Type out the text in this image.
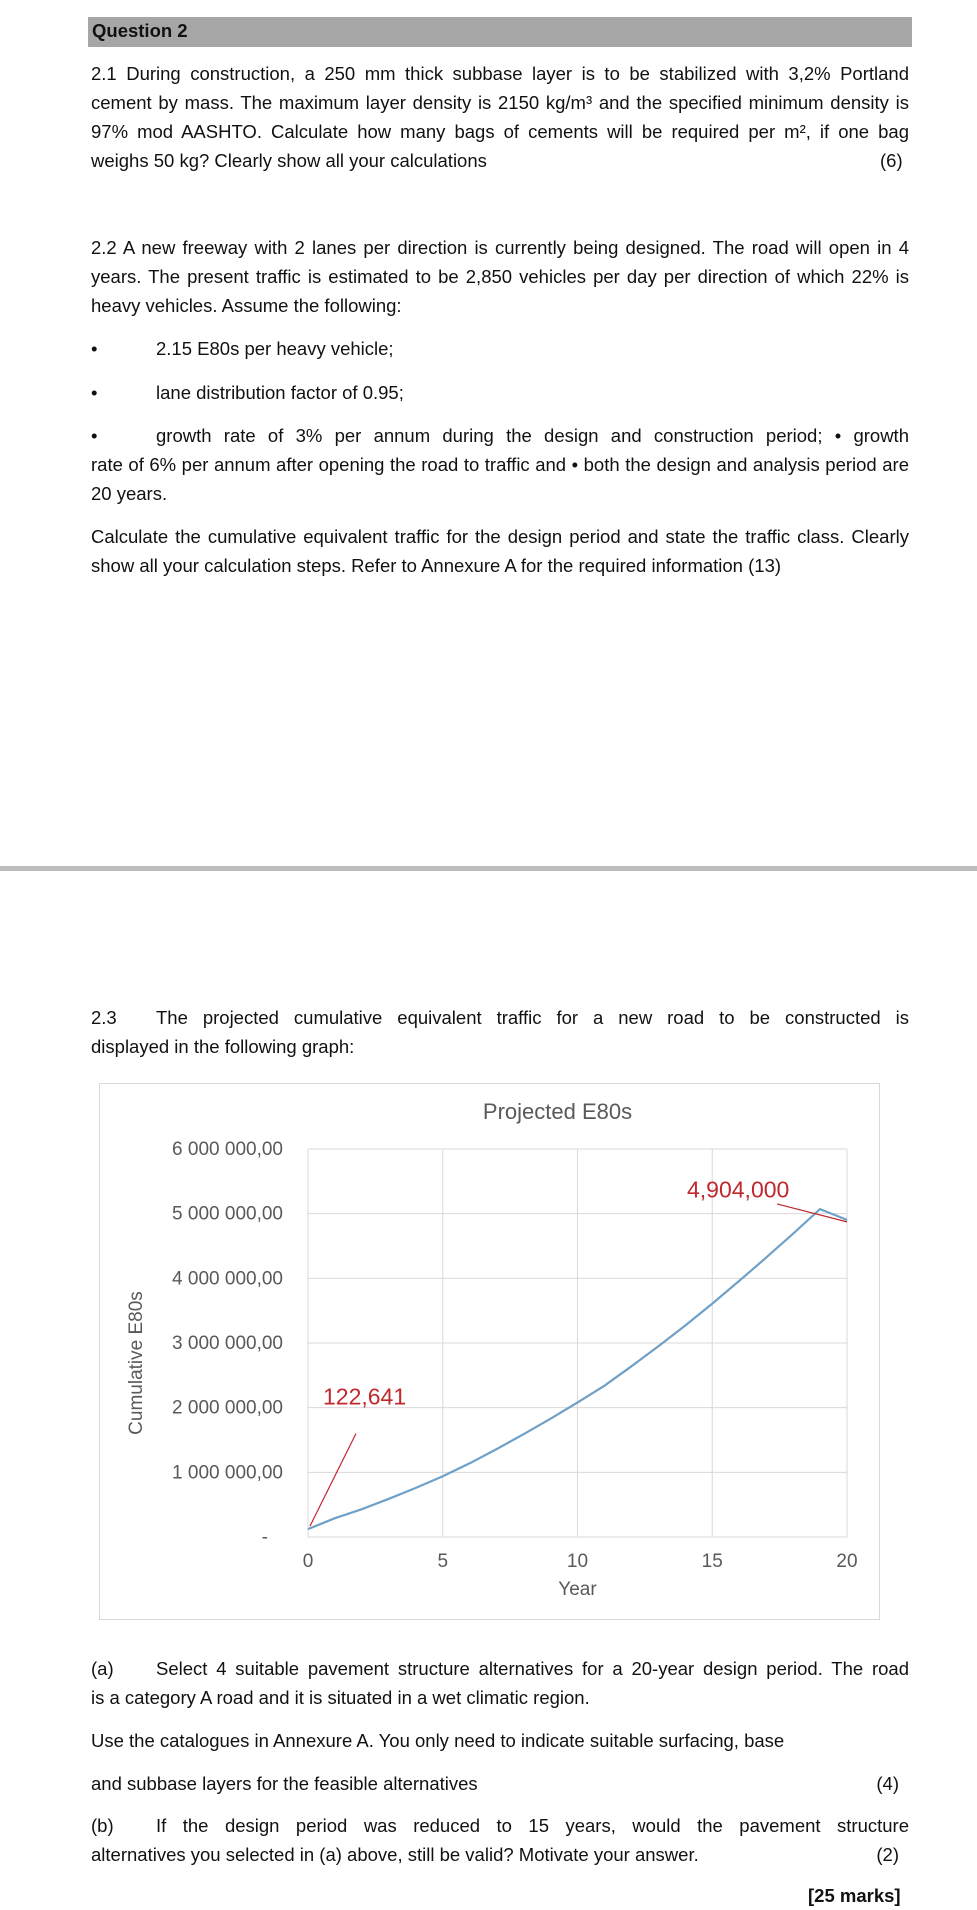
Question 2
2.1 During construction, a 250 mm thick subbase layer is to be stabilized with 3,2% Portland cement by mass. The maximum layer density is 2150 kg/m³ and the specified minimum density is 97% mod AASHTO. Calculate how many bags of cements will be required per m², if one bag weighs 50 kg? Clearly show all your calculations	(6)
2.2 A new freeway with 2 lanes per direction is currently being designed. The road will open in 4 years. The present traffic is estimated to be 2,850 vehicles per day per direction of which 22% is heavy vehicles. Assume the following:
•	2.15 E80s per heavy vehicle;
•	lane distribution factor of 0.95;
•	growth rate of 3% per annum during the design and construction period; • growth
rate of 6% per annum after opening the road to traffic and • both the design and analysis period are 20 years.
Calculate the cumulative equivalent traffic for the design period and state the traffic class. Clearly show all your calculation steps. Refer to Annexure A for the required information (13)
2.3	The projected cumulative equivalent traffic for a new road to be constructed is
displayed in the following graph:
Projected E80s
-
1 000 000,00
2 000 000,00
3 000 000,00
4 000 000,00
5 000 000,00
6 000 000,00
0	5	10	15	20
Year
Cumulative E80s	122,641
4,904,000
(a)	Select 4 suitable pavement structure alternatives for a 20-year design period. The road
is a category A road and it is situated in a wet climatic region.
Use the catalogues in Annexure A. You only need to indicate suitable surfacing, base
and subbase layers for the feasible alternatives	(4)
(b)	If the design period was reduced to 15 years, would the pavement structure
alternatives you selected in (a) above, still be valid? Motivate your answer.	(2)
[25 marks]
